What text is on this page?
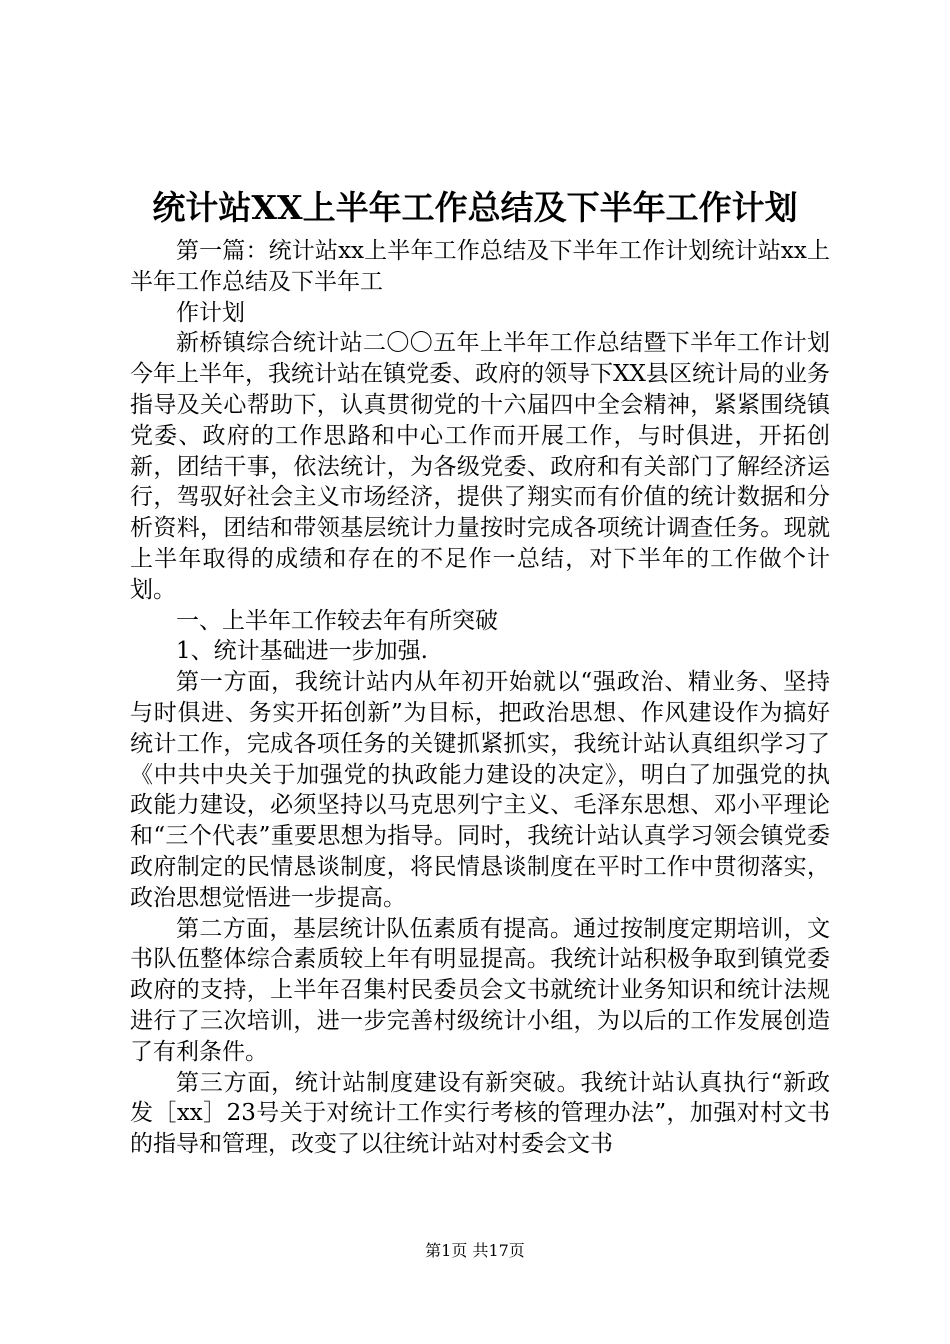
统计站XX上半年工作总结及下半年工作计划

第一篇：统计站xx上半年工作总结及下半年工作计划统计站xx上半年工作总结及下半年工

作计划

新桥镇综合统计站二〇〇五年上半年工作总结暨下半年工作计划今年上半年，我统计站在镇党委、政府的领导下XX县区统计局的业务指导及关心帮助下，认真贯彻党的十六届四中全会精神，紧紧围绕镇党委、政府的工作思路和中心工作而开展工作，与时俱进，开拓创新，团结干事，依法统计，为各级党委、政府和有关部门了解经济运行，驾驭好社会主义市场经济，提供了翔实而有价值的统计数据和分析资料，团结和带领基层统计力量按时完成各项统计调查任务。现就上半年取得的成绩和存在的不足作一总结，对下半年的工作做个计划。

一、上半年工作较去年有所突破

1、统计基础进一步加强.

第一方面，我统计站内从年初开始就以“强政治、精业务、坚持与时俱进、务实开拓创新”为目标，把政治思想、作风建设作为搞好统计工作，完成各项任务的关键抓紧抓实，我统计站认真组织学习了《中共中央关于加强党的执政能力建设的决定》，明白了加强党的执政能力建设，必须坚持以马克思列宁主义、毛泽东思想、邓小平理论和“三个代表”重要思想为指导。同时，我统计站认真学习领会镇党委政府制定的民情恳谈制度，将民情恳谈制度在平时工作中贯彻落实，政治思想觉悟进一步提高。

第二方面，基层统计队伍素质有提高。通过按制度定期培训，文书队伍整体综合素质较上年有明显提高。我统计站积极争取到镇党委政府的支持，上半年召集村民委员会文书就统计业务知识和统计法规进行了三次培训，进一步完善村级统计小组，为以后的工作发展创造了有利条件。

第三方面，统计站制度建设有新突破。我统计站认真执行“新政发［xx］23号关于对统计工作实行考核的管理办法”，加强对村文书的指导和管理，改变了以往统计站对村委会文书

第1页 共17页
